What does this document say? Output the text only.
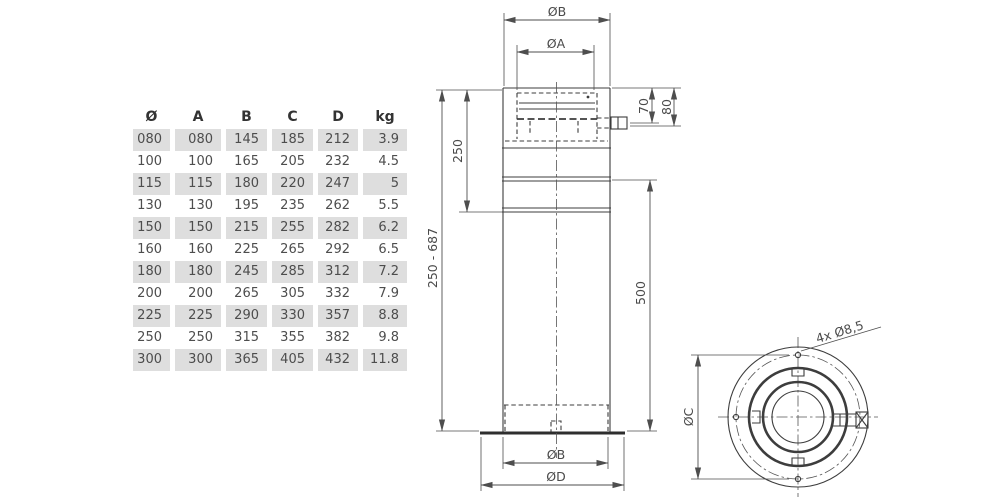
ØB
ØA
70 80
250
250 - 687
500
ØB
ØD
ØC
4x Ø8,5
Ø	A	B	C	D	kg
080	080	145	185	212	3.9
100	100	165	205	232	4.5
115	115	180	220	247	5
130	130	195	235	262	5.5
150	150	215	255	282	6.2
160	160	225	265	292	6.5
180	180	245	285	312	7.2
200	200	265	305	332	7.9
225	225	290	330	357	8.8
250	250	315	355	382	9.8
300	300	365	405	432	11.8
